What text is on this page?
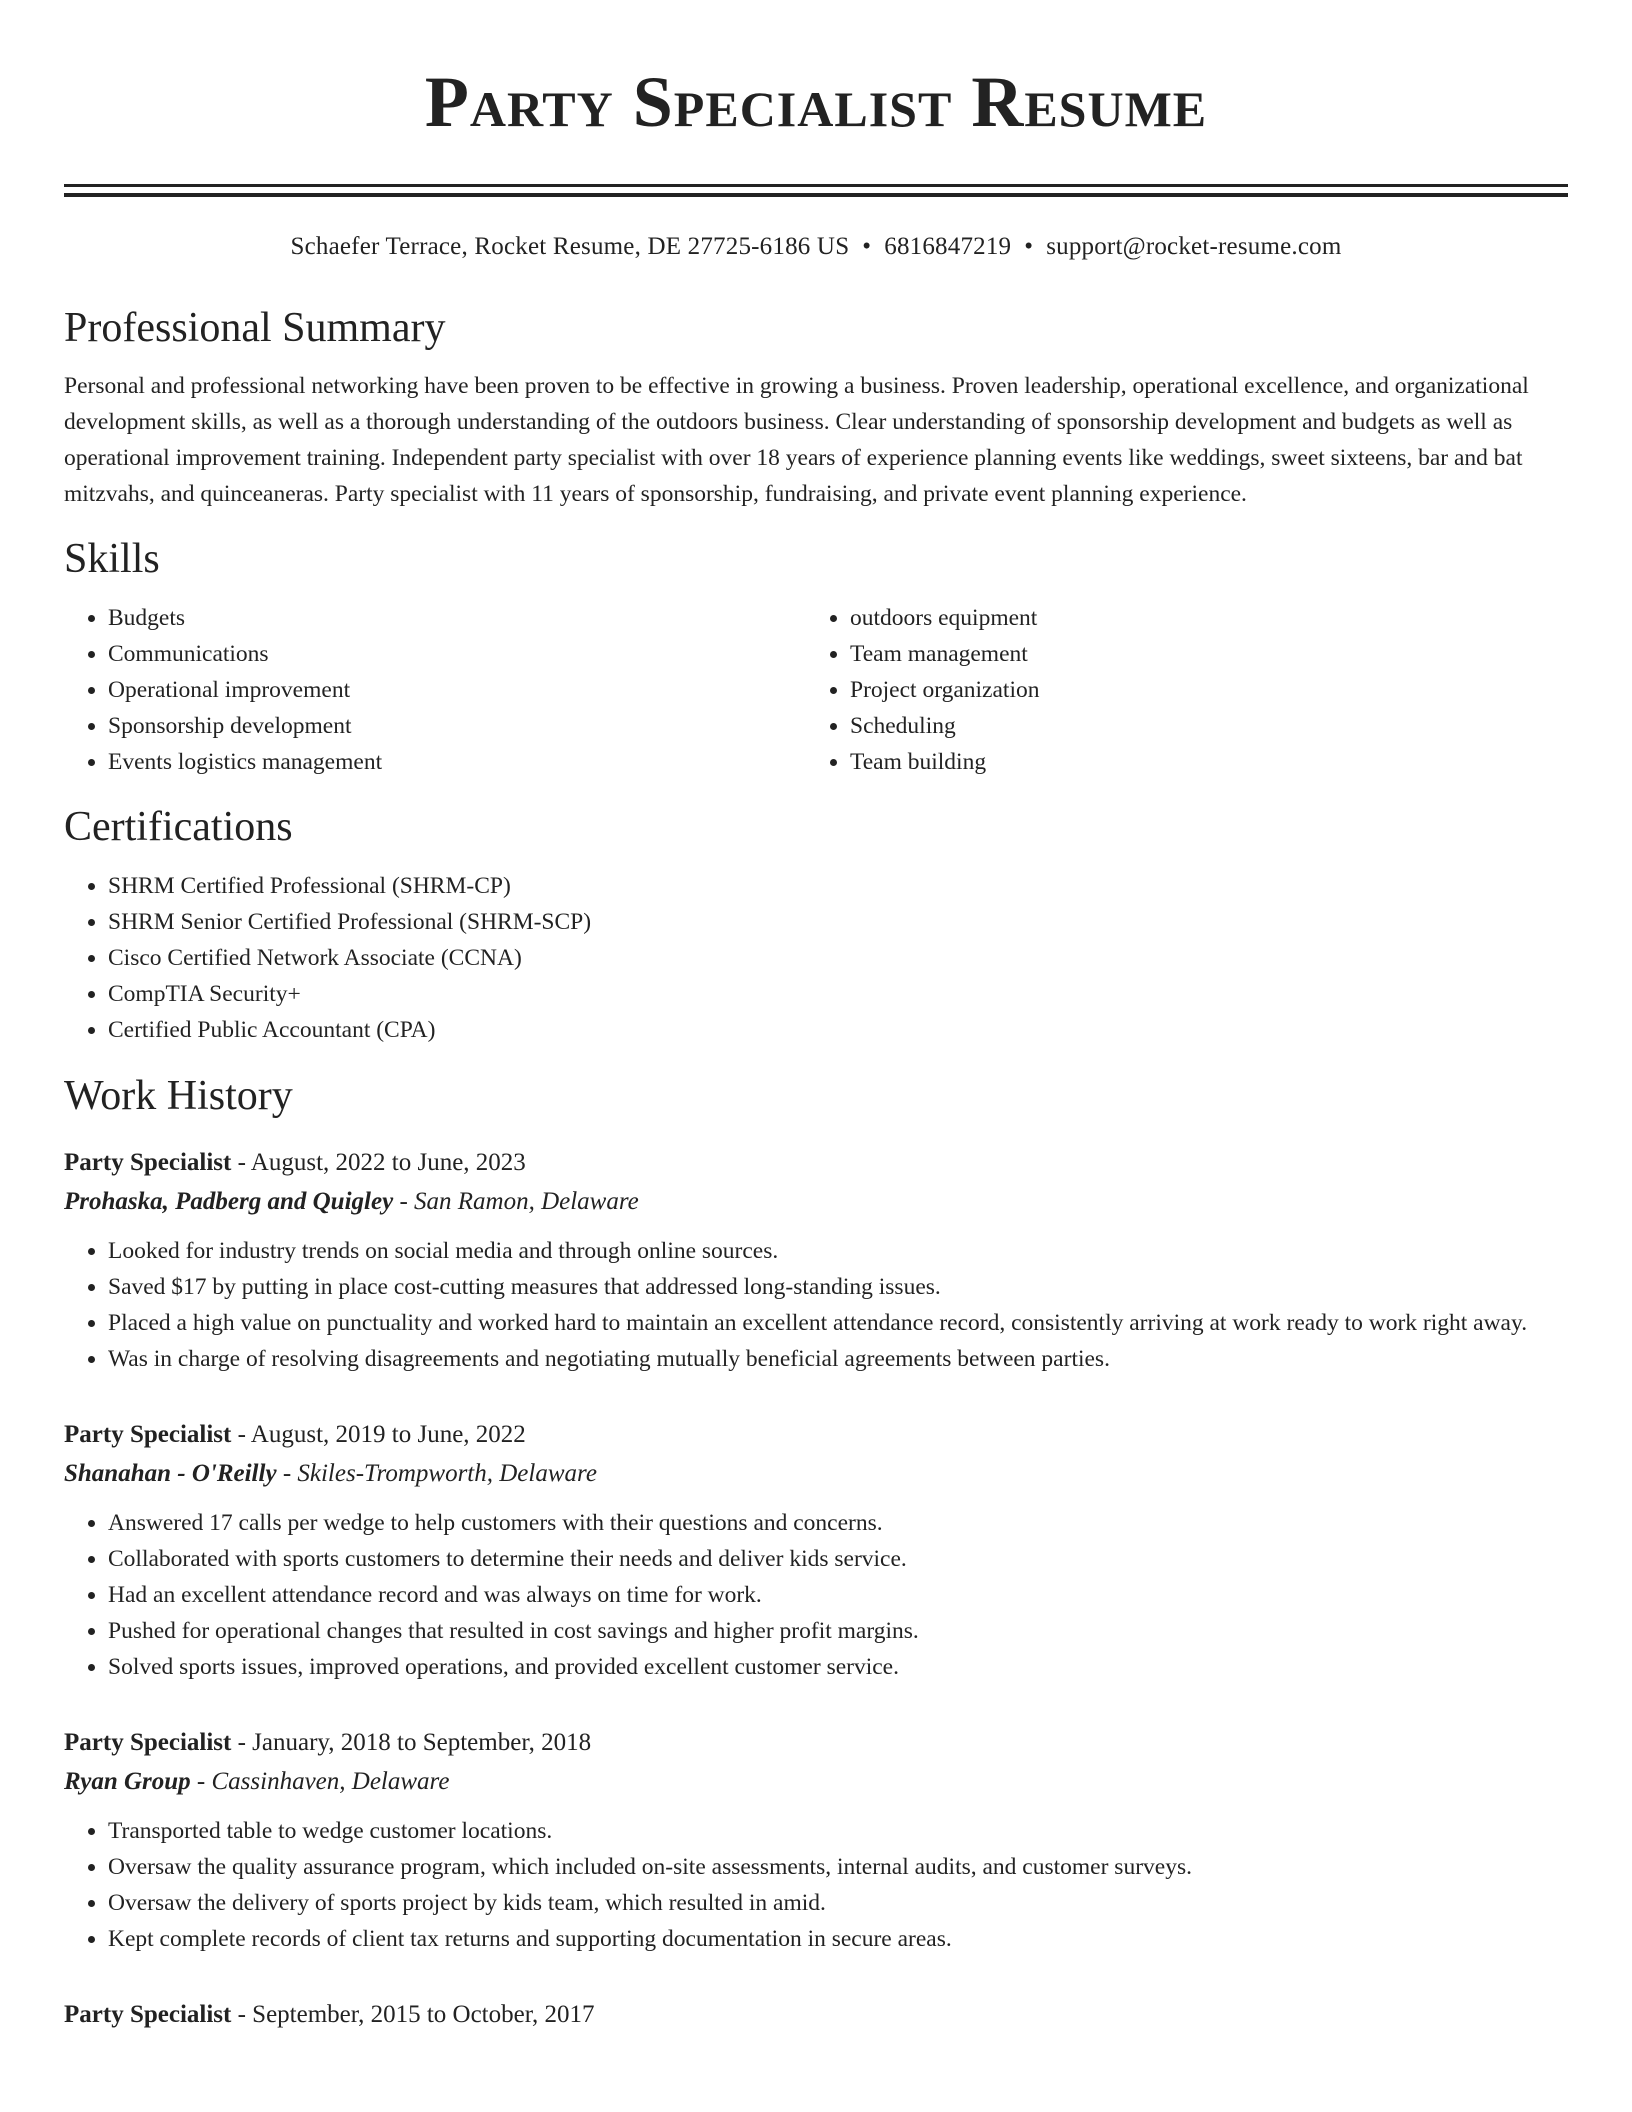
Party Specialist Resume
Schaefer Terrace, Rocket Resume, DE 27725-6186 US • 6816847219 • support@rocket-resume.com
Professional Summary

Personal and professional networking have been proven to be effective in growing a business. Proven leadership, operational excellence, and organizational development skills, as well as a thorough understanding of the outdoors business. Clear understanding of sponsorship development and budgets as well as operational improvement training. Independent party specialist with over 18 years of experience planning events like weddings, sweet sixteens, bar and bat mitzvahs, and quinceaneras. Party specialist with 11 years of sponsorship, fundraising, and private event planning experience.

Skills
• Budgets
• Communications
• Operational improvement
• Sponsorship development
• Events logistics management
• outdoors equipment
• Team management
• Project organization
• Scheduling
• Team building
Certifications
• SHRM Certified Professional (SHRM-CP)
• SHRM Senior Certified Professional (SHRM-SCP)
• Cisco Certified Network Associate (CCNA)
• CompTIA Security+
• Certified Public Accountant (CPA)
Work History
Party Specialist - August, 2022 to June, 2023
Prohaska, Padberg and Quigley - San Ramon, Delaware
• Looked for industry trends on social media and through online sources.
• Saved $17 by putting in place cost-cutting measures that addressed long-standing issues.
• Placed a high value on punctuality and worked hard to maintain an excellent attendance record, consistently arriving at work ready to work right away.
• Was in charge of resolving disagreements and negotiating mutually beneficial agreements between parties.
Party Specialist - August, 2019 to June, 2022
Shanahan - O'Reilly - Skiles-Trompworth, Delaware
• Answered 17 calls per wedge to help customers with their questions and concerns.
• Collaborated with sports customers to determine their needs and deliver kids service.
• Had an excellent attendance record and was always on time for work.
• Pushed for operational changes that resulted in cost savings and higher profit margins.
• Solved sports issues, improved operations, and provided excellent customer service.
Party Specialist - January, 2018 to September, 2018
Ryan Group - Cassinhaven, Delaware
• Transported table to wedge customer locations.
• Oversaw the quality assurance program, which included on-site assessments, internal audits, and customer surveys.
• Oversaw the delivery of sports project by kids team, which resulted in amid.
• Kept complete records of client tax returns and supporting documentation in secure areas.
Party Specialist - September, 2015 to October, 2017
